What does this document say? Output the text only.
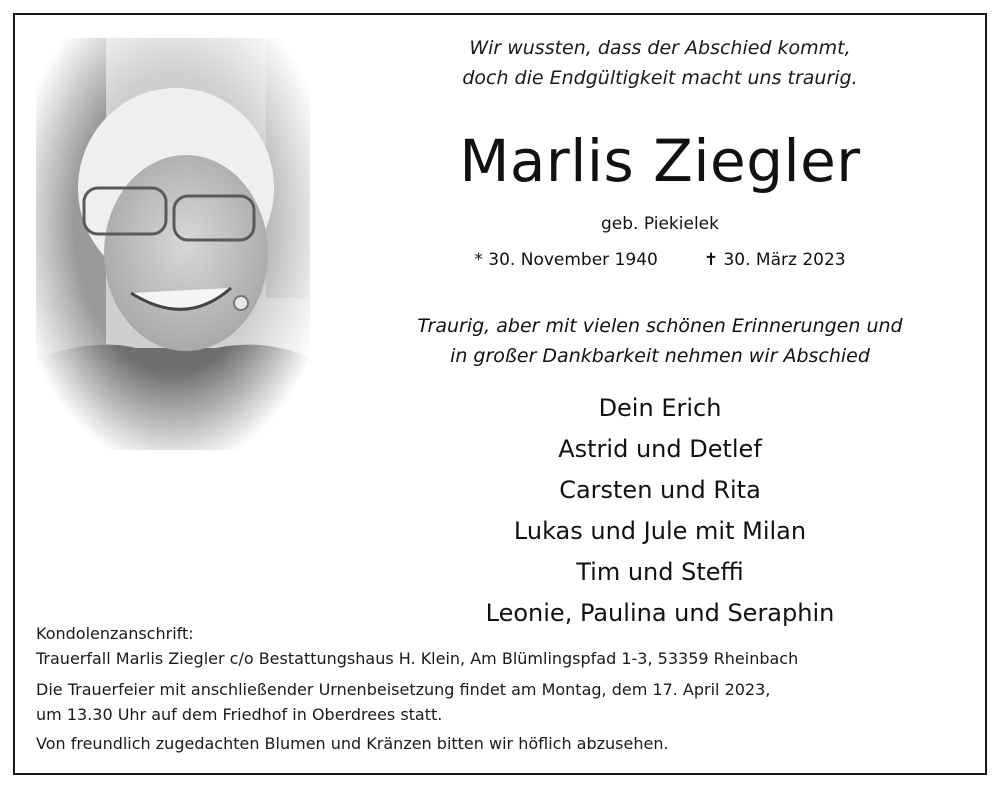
Wir wussten, dass der Abschied kommt,
doch die Endgültigkeit macht uns traurig.
Marlis Ziegler
geb. Piekielek
* 30. November 1940	✝ 30. März 2023
Traurig, aber mit vielen schönen Erinnerungen und
in großer Dankbarkeit nehmen wir Abschied
Dein Erich
Astrid und Detlef
Carsten und Rita
Lukas und Jule mit Milan
Tim und Steffi
Leonie, Paulina und Seraphin
Kondolenzanschrift:
Trauerfall Marlis Ziegler c/o Bestattungshaus H. Klein, Am Blümlingspfad 1-3, 53359 Rheinbach
Die Trauerfeier mit anschließender Urnenbeisetzung findet am Montag, dem 17. April 2023,
um 13.30 Uhr auf dem Friedhof in Oberdrees statt.
Von freundlich zugedachten Blumen und Kränzen bitten wir höflich abzusehen.
